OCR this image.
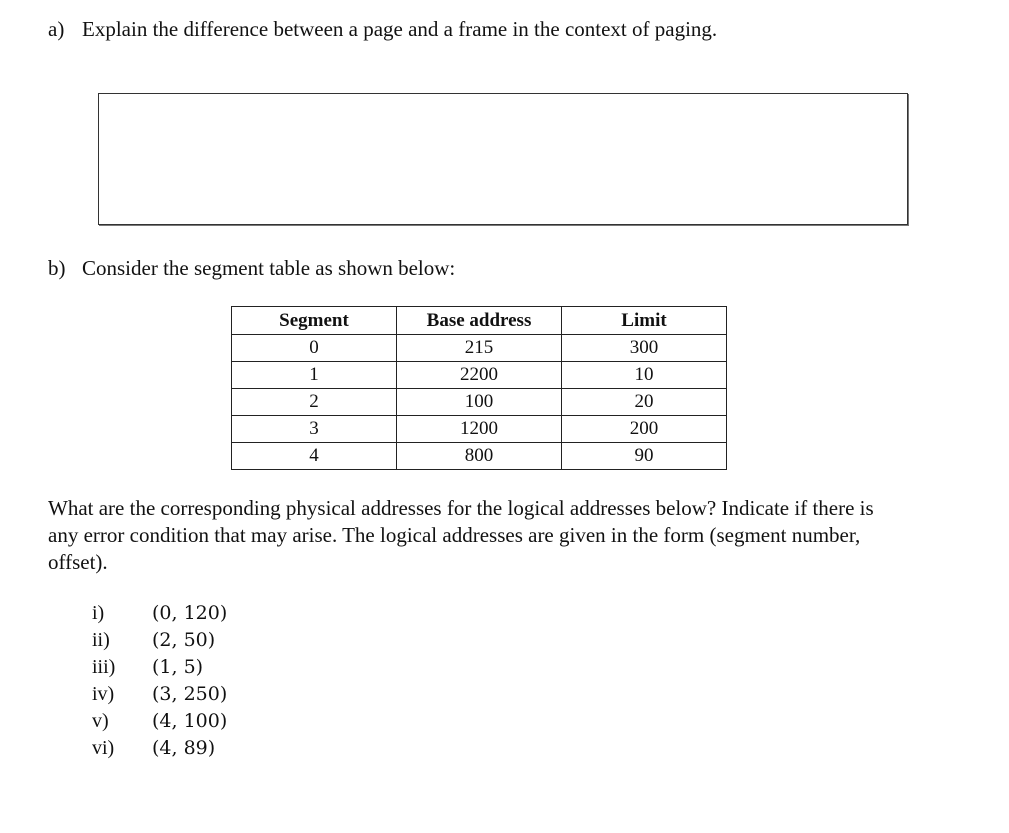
a) Explain the difference between a page and a frame in the context of paging.
b) Consider the segment table as shown below:
Segment	Base address	Limit
0	215	300
1	2200	10
2	100	20
3	1200	200
4	800	90
What are the corresponding physical addresses for the logical addresses below? Indicate if there is any error condition that may arise. The logical addresses are given in the form (segment number, offset).
i)	(0, 120)
ii) (2, 50)
iii) (1, 5)
iv) (3, 250)
v) (4, 100)
vi) (4, 89)
